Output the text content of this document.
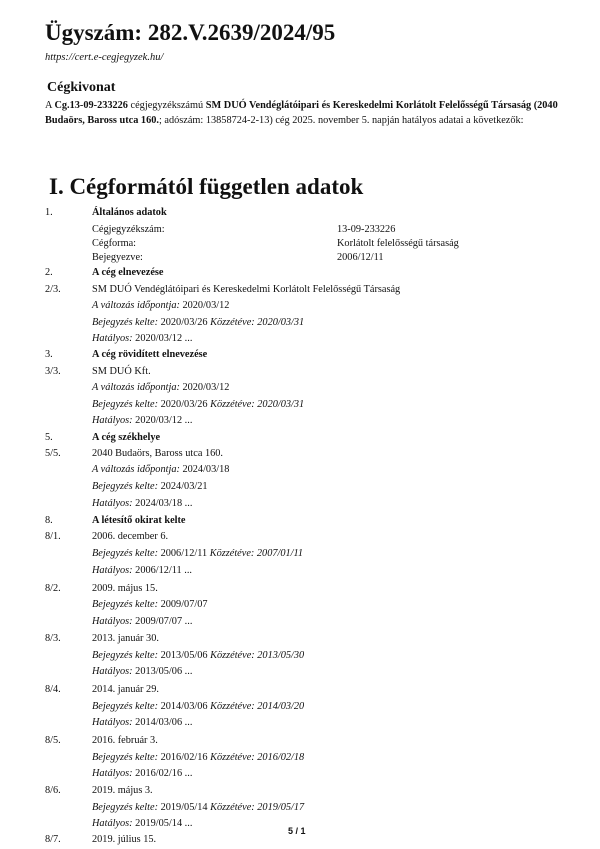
Ügyszám: 282.V.2639/2024/95
https://cert.e-cegjegyzek.hu/
Cégkivonat
A Cg.13-09-233226 cégjegyzékszámú SM DUÓ Vendéglátóipari és Kereskedelmi Korlátolt Felelősségű Társaság (2040 Budaörs, Baross utca 160.; adószám: 13858724-2-13) cég 2025. november 5. napján hatályos adatai a következők:
I. Cégformától független adatok
1.	Általános adatok
Cégjegyzékszám:	13-09-233226
Cégforma:	Korlátolt felelősségű társaság
Bejegyezve:	2006/12/11
2.	A cég elnevezése
2/3.	SM DUÓ Vendéglátóipari és Kereskedelmi Korlátolt Felelősségű Társaság
A változás időpontja: 2020/03/12
Bejegyzés kelte: 2020/03/26 Közzétéve: 2020/03/31
Hatályos: 2020/03/12 ...
3.	A cég rövidített elnevezése
3/3.	SM DUÓ Kft.
A változás időpontja: 2020/03/12
Bejegyzés kelte: 2020/03/26 Közzétéve: 2020/03/31
Hatályos: 2020/03/12 ...
5.	A cég székhelye
5/5.	2040 Budaörs, Baross utca 160.
A változás időpontja: 2024/03/18
Bejegyzés kelte: 2024/03/21
Hatályos: 2024/03/18 ...
8.	A létesítő okirat kelte
8/1.	2006. december 6.
Bejegyzés kelte: 2006/12/11 Közzétéve: 2007/01/11
Hatályos: 2006/12/11 ...
8/2.	2009. május 15.
Bejegyzés kelte: 2009/07/07
Hatályos: 2009/07/07 ...
8/3.	2013. január 30.
Bejegyzés kelte: 2013/05/06 Közzétéve: 2013/05/30
Hatályos: 2013/05/06 ...
8/4.	2014. január 29.
Bejegyzés kelte: 2014/03/06 Közzétéve: 2014/03/20
Hatályos: 2014/03/06 ...
8/5.	2016. február 3.
Bejegyzés kelte: 2016/02/16 Közzétéve: 2016/02/18
Hatályos: 2016/02/16 ...
8/6.	2019. május 3.
Bejegyzés kelte: 2019/05/14 Közzétéve: 2019/05/17
Hatályos: 2019/05/14 ...
8/7.	2019. július 15.
5 / 1
